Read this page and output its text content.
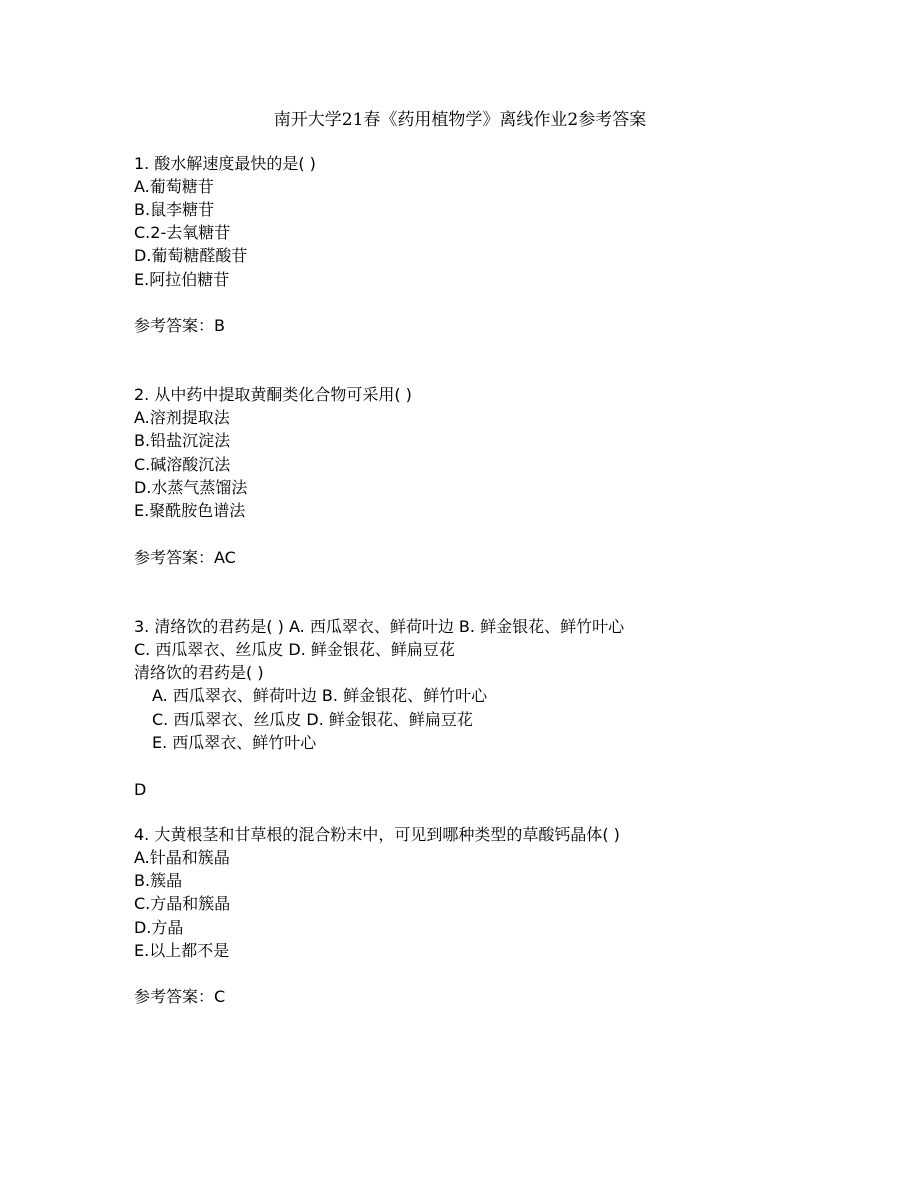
南开大学21春《药用植物学》离线作业2参考答案
1. 酸水解速度最快的是( )
A.葡萄糖苷
B.鼠李糖苷
C.2-去氧糖苷
D.葡萄糖醛酸苷
E.阿拉伯糖苷
参考答案：B
2. 从中药中提取黄酮类化合物可采用( )
A.溶剂提取法
B.铅盐沉淀法
C.碱溶酸沉法
D.水蒸气蒸馏法
E.聚酰胺色谱法
参考答案：AC
3. 清络饮的君药是( ) A. 西瓜翠衣、鲜荷叶边 B. 鲜金银花、鲜竹叶心
C. 西瓜翠衣、丝瓜皮 D. 鲜金银花、鲜扁豆花
清络饮的君药是( )
A. 西瓜翠衣、鲜荷叶边 B. 鲜金银花、鲜竹叶心
C. 西瓜翠衣、丝瓜皮 D. 鲜金银花、鲜扁豆花
E. 西瓜翠衣、鲜竹叶心
D
4. 大黄根茎和甘草根的混合粉末中，可见到哪种类型的草酸钙晶体( )
A.针晶和簇晶
B.簇晶
C.方晶和簇晶
D.方晶
E.以上都不是
参考答案：C
